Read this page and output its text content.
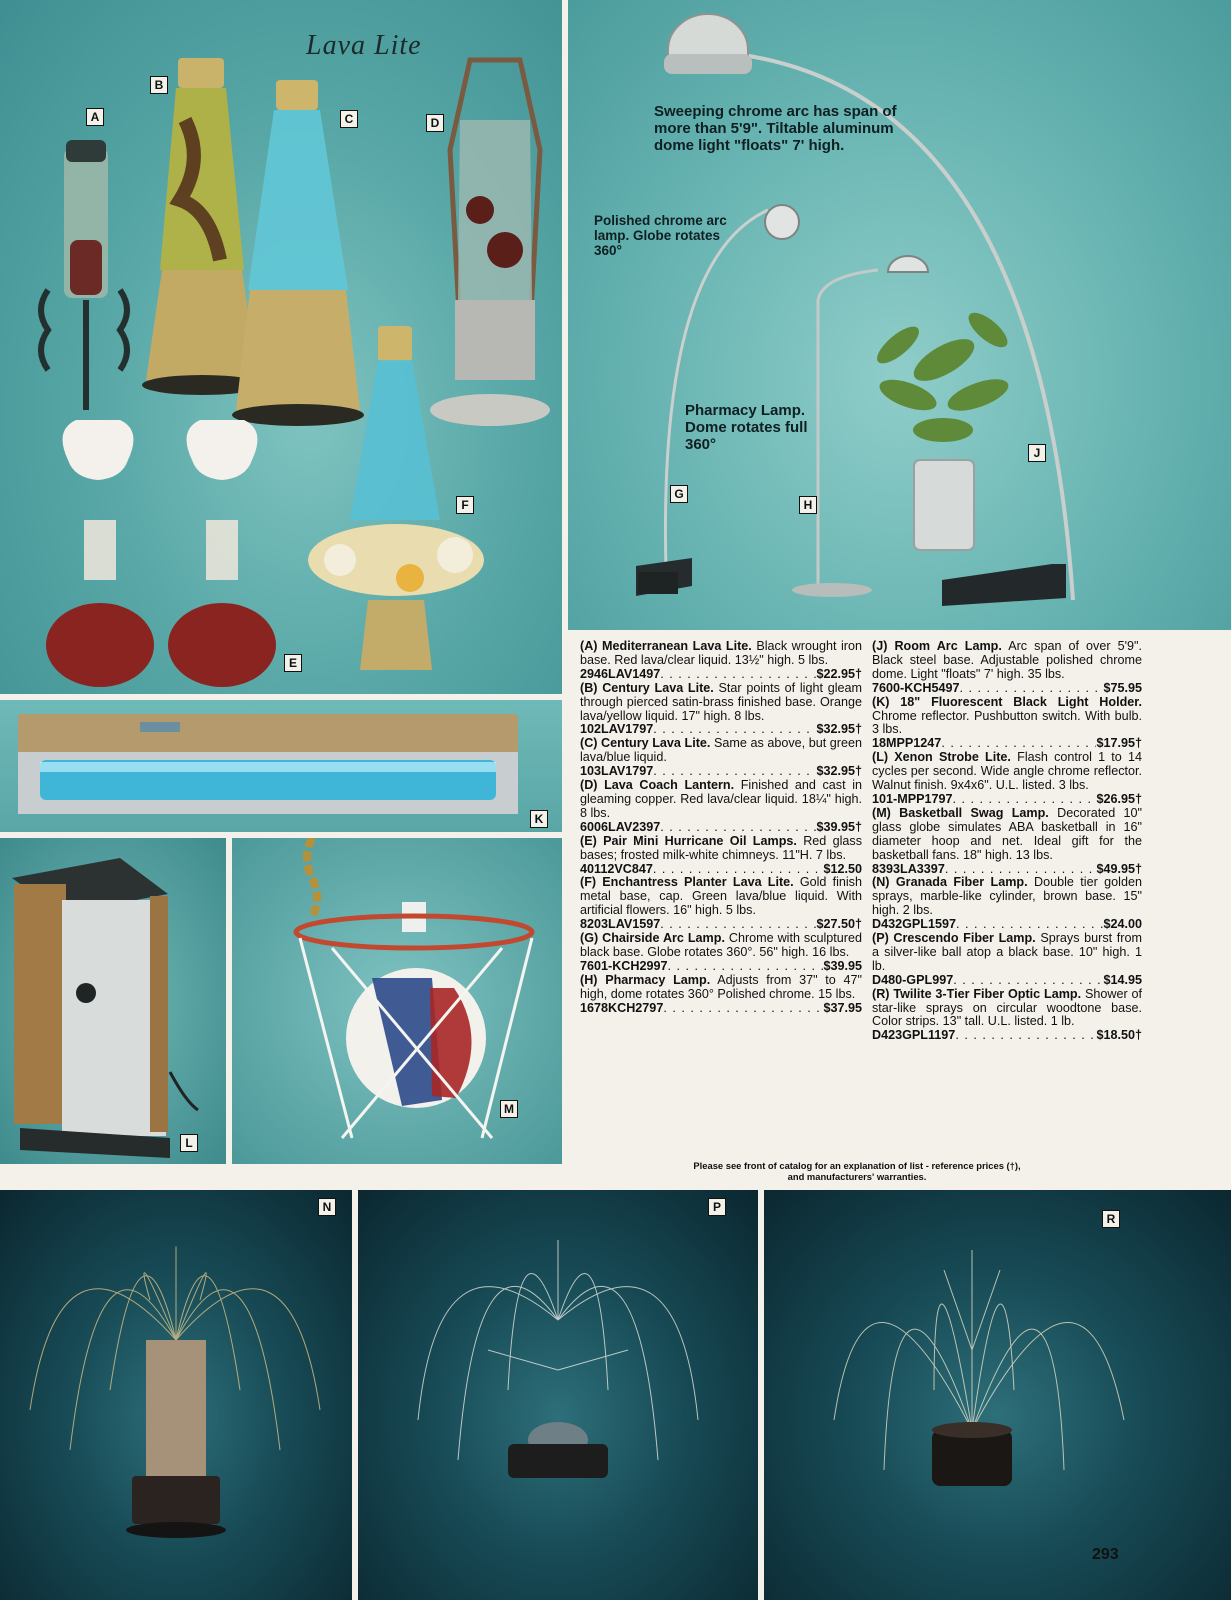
Lava Lite
A
B
C	D
E
F
Sweeping chrome arc has span of more than 5'9". Tiltable aluminum dome light "floats" 7' high.
Polished chrome arc lamp. Globe rotates 360°
Pharmacy Lamp. Dome rotates full 360°
G
H
J
K
L
M

(A) Mediterranean Lava Lite. Black wrought iron base. Red lava/clear liquid. 13½" high. 5 lbs.

2946LAV1497 . . .	$22.95†

(B) Century Lava Lite. Star points of light gleam through pierced satin-brass finished base. Orange lava/yellow liquid. 17" high. 8 lbs.

102LAV1797 . . .	$32.95†

(C) Century Lava Lite. Same as above, but green lava/blue liquid.

103LAV1797 . . .	$32.95†

(D) Lava Coach Lantern. Finished and cast in gleaming copper. Red lava/clear liquid. 18¼" high. 8 lbs.

6006LAV2397 . . .	$39.95†

(E) Pair Mini Hurricane Oil Lamps. Red glass bases; frosted milk-white chimneys. 11"H. 7 lbs.

40112VC847 . . .	$12.50

(F) Enchantress Planter Lava Lite. Gold finish metal base, cap. Green lava/blue liquid. With artificial flowers. 16" high. 5 lbs.

8203LAV1597 . . .	$27.50†

(G) Chairside Arc Lamp. Chrome with sculptured black base. Globe rotates 360°. 56" high. 16 lbs.

7601-KCH2997 . . .	$39.95

(H) Pharmacy Lamp. Adjusts from 37" to 47" high, dome rotates 360° Polished chrome. 15 lbs.

1678KCH2797 . . .	$37.95

(J) Room Arc Lamp. Arc span of over 5'9". Black steel base. Adjustable polished chrome dome. Light "floats" 7' high. 35 lbs.

7600-KCH5497 . . .	$75.95

(K) 18" Fluorescent Black Light Holder. Chrome reflector. Pushbutton switch. With bulb. 3 lbs.

18MPP1247 . . .	$17.95†

(L) Xenon Strobe Lite. Flash control 1 to 14 cycles per second. Wide angle chrome reflector. Walnut finish. 9x4x6". U.L. listed. 3 lbs.

101-MPP1797 . . .	$26.95†

(M) Basketball Swag Lamp. Decorated 10" glass globe simulates ABA basketball in 16" diameter hoop and net. Ideal gift for the basketball fans. 18" high. 13 lbs.

8393LA3397 . . .	$49.95†

(N) Granada Fiber Lamp. Double tier golden sprays, marble-like cylinder, brown base. 15" high. 2 lbs.

D432GPL1597 . . .	$24.00

(P) Crescendo Fiber Lamp. Sprays burst from a silver-like ball atop a black base. 10" high. 1 lb.

D480-GPL997 . . .	$14.95

(R) Twilite 3-Tier Fiber Optic Lamp. Shower of star-like sprays on circular woodtone base. Color strips. 13" tall. U.L. listed. 1 lb.

D423GPL1197 . . .	$18.50†
Please see front of catalog for an explanation of list - reference prices (†), and manufacturers' warranties.
N	P
R
293
